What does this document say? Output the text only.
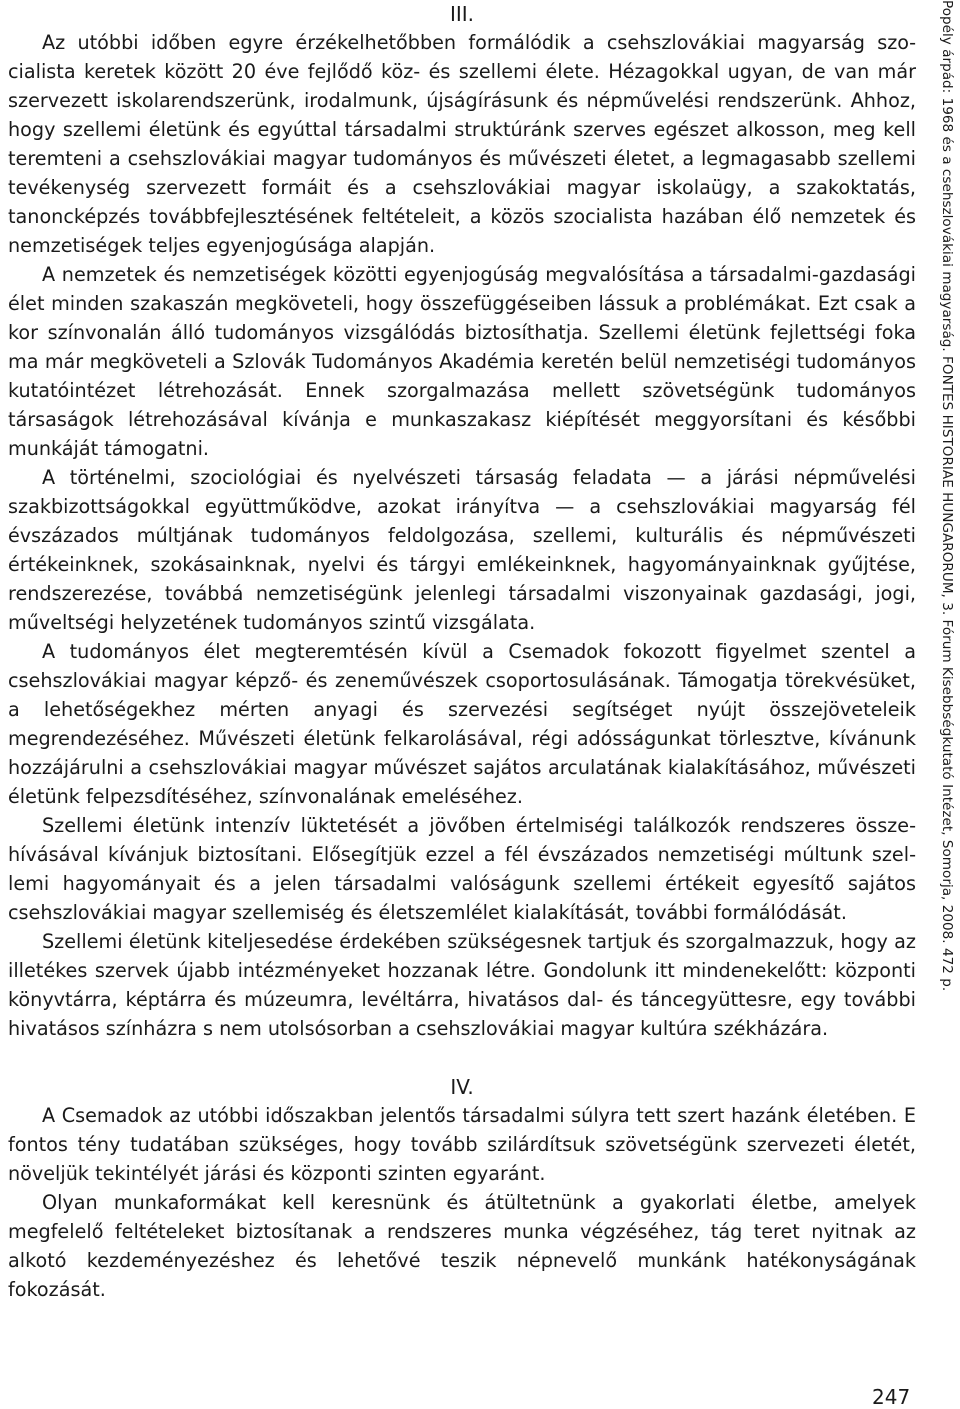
III.

Az utóbbi időben egyre érzékelhetőbben formálódik a csehszlovákiai magyarság szocialista keretek között 20 éve fejlődő köz- és szellemi élete. Hézagokkal ugyan, de van már szervezett iskolarendszerünk, irodalmunk, újságírásunk és népművelési rendszerünk. Ahhoz, hogy szellemi életünk és egyúttal társadalmi struktúránk szerves egészet alkosson, meg kell teremteni a csehszlovákiai magyar tudományos és művészeti életet, a legmagasabb szellemi tevékenység szervezett formáit és a csehszlovákiai magyar iskolaügy, a szakoktatás, tanoncképzés továbbfejlesztésének feltételeit, a közös szocialista hazában élő nemzetek és nemzetiségek teljes egyenjogúsága alapján.

A nemzetek és nemzetiségek közötti egyenjogúság megvalósítása a társadalmi-gazdasági élet minden szakaszán megköveteli, hogy összefüggéseiben lássuk a problémákat. Ezt csak a kor színvonalán álló tudományos vizsgálódás biztosíthatja. Szellemi életünk fejlettségi foka ma már megköveteli a Szlovák Tudományos Akadémia keretén belül nemzetiségi tudományos kutatóintézet létrehozását. Ennek szorgalmazása mellett szövetségünk tudományos társaságok létrehozásával kívánja e munkaszakasz kiépítését meggyorsítani és későbbi munkáját támogatni.

A történelmi, szociológiai és nyelvészeti társaság feladata — a járási népművelési szakbizottságokkal együttműködve, azokat irányítva — a csehszlovákiai magyarság fél évszázados múltjának tudományos feldolgozása, szellemi, kulturális és népművészeti értékeinknek, szokásainknak, nyelvi és tárgyi emlékeinknek, hagyományainknak gyűjtése, rendszerezése, továbbá nemzetiségünk jelenlegi társadalmi viszonyainak gazdasági, jogi, műveltségi helyzetének tudományos szintű vizsgálata.

A tudományos élet megteremtésén kívül a Csemadok fokozott figyelmet szentel a csehszlovákiai magyar képző- és zeneművészek csoportosulásának. Támogatja törekvésüket, a lehetőségekhez mérten anyagi és szervezési segítséget nyújt összejöveteleik megrendezéséhez. Művészeti életünk felkarolásával, régi adósságunkat törlesztve, kívánunk hozzájárulni a csehszlovákiai magyar művészet sajátos arculatának kialakításához, művészeti életünk felpezsdítéséhez, színvonalának emeléséhez.

Szellemi életünk intenzív lüktetését a jövőben értelmiségi találkozók rendszeres összehívásával kívánjuk biztosítani. Elősegítjük ezzel a fél évszázados nemzetiségi múltunk szellemi hagyományait és a jelen társadalmi valóságunk szellemi értékeit egyesítő sajátos csehszlovákiai magyar szellemiség és életszemlélet kialakítását, további formálódását.

Szellemi életünk kiteljesedése érdekében szükségesnek tartjuk és szorgalmazzuk, hogy az illetékes szervek újabb intézményeket hozzanak létre. Gondolunk itt mindenekelőtt: központi könyvtárra, képtárra és múzeumra, levéltárra, hivatásos dal- és táncegyüttesre, egy további hivatásos színházra s nem utolsósorban a csehszlovákiai magyar kultúra székházára.

IV.

A Csemadok az utóbbi időszakban jelentős társadalmi súlyra tett szert hazánk életében. E fontos tény tudatában szükséges, hogy tovább szilárdítsuk szövetségünk szervezeti életét, növeljük tekintélyét járási és központi szinten egyaránt.

Olyan munkaformákat kell keresnünk és átültetnünk a gyakorlati életbe, amelyek megfelelő feltételeket biztosítanak a rendszeres munka végzéséhez, tág teret nyitnak az alkotó kezdeményezéshez és lehetővé teszik népnevelő munkánk hatékonyságának fokozását.

Popély árpád: 1968 és a csehszlovákiai magyarság. FONTES HISTORIAE HUNGARORUM, 3. Fórum Kisebbségkutató Intézet, Somorja, 2008. 472 p.
247
